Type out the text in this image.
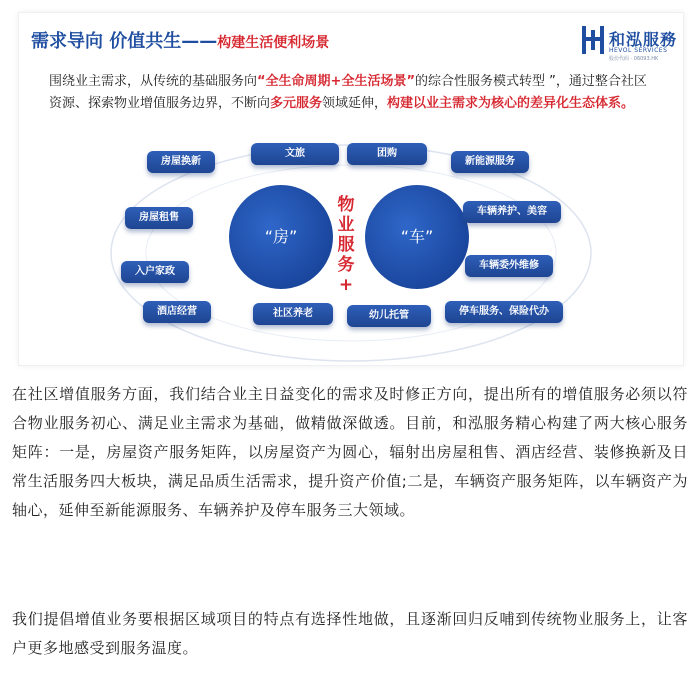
需求导向 价值共生——构建生活便利场景	和泓服務
HEVOL SERVICES
股份代码 · 06093.HK
围绕业主需求，从传统的基础服务向“全生命周期+全生活场景”的综合性服务模式转型 ”，通过整合社区资源、探索物业增值服务边界，不断向多元服务领域延伸，构建以业主需求为核心的差异化生态体系。
“房”	“车”
物
业
服
务
+
房屋换新
房屋租售
入户家政
酒店经营
文旅	团购
社区养老	幼儿托管
新能源服务
车辆养护、美容
车辆委外维修
停车服务、保险代办
在社区增值服务方面，我们结合业主日益变化的需求及时修正方向，提出所有的增值服务必须以符合物业服务初心、满足业主需求为基础，做精做深做透。目前，和泓服务精心构建了两大核心服务矩阵：一是，房屋资产服务矩阵，以房屋资产为圆心，辐射出房屋租售、酒店经营、装修换新及日常生活服务四大板块，满足品质生活需求，提升资产价值;二是，车辆资产服务矩阵，以车辆资产为轴心，延伸至新能源服务、车辆养护及停车服务三大领域。
我们提倡增值业务要根据区域项目的特点有选择性地做，且逐渐回归反哺到传统物业服务上，让客户更多地感受到服务温度。
